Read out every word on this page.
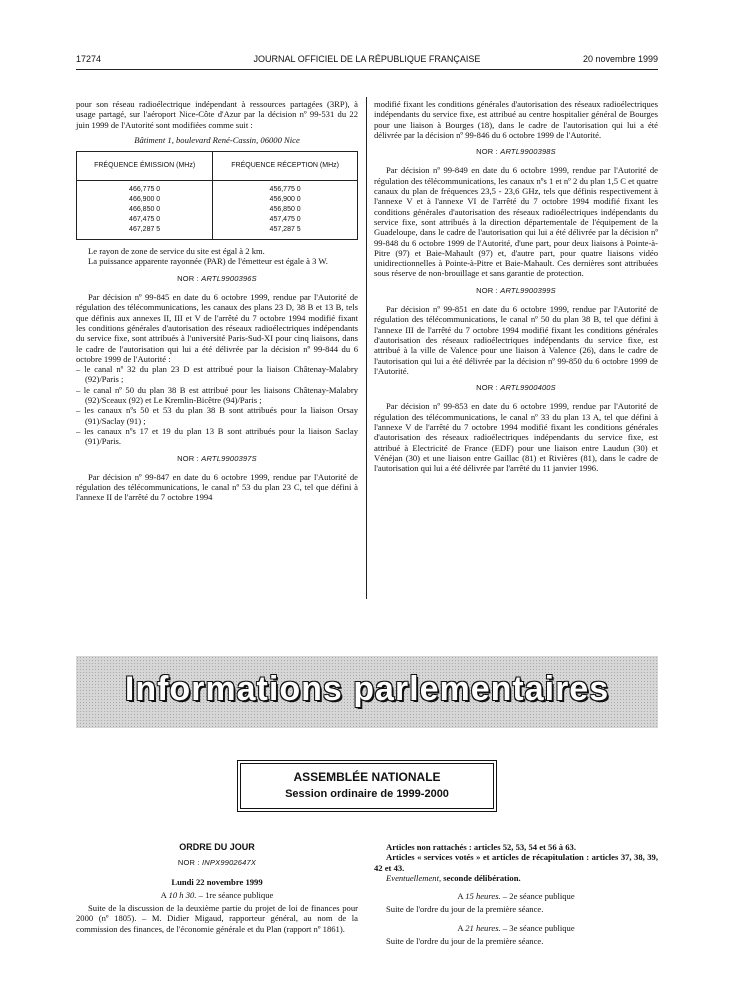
17274	JOURNAL OFFICIEL DE LA RÉPUBLIQUE FRANÇAISE	20 novembre 1999

pour son réseau radioélectrique indépendant à ressources partagées (3RP), à usage partagé, sur l'aéroport Nice-Côte d'Azur par la décision nº 99-531 du 22 juin 1999 de l'Autorité sont modifiées comme suit :

Bâtiment 1, boulevard René-Cassin, 06000 Nice

FRÉQUENCE ÉMISSION (MHz)	FRÉQUENCE RÉCEPTION (MHz)
466,775 0	456,775 0
466,900 0	456,900 0
466,850 0	456,850 0
467,475 0	457,475 0
467,287 5	457,287 5

Le rayon de zone de service du site est égal à 2 km.

La puissance apparente rayonnée (PAR) de l'émetteur est égale à 3 W.

NOR : ARTL9900396S

Par décision nº 99-845 en date du 6 octobre 1999, rendue par l'Autorité de régulation des télécommunications, les canaux des plans 23 D, 38 B et 13 B, tels que définis aux annexes II, III et V de l'arrêté du 7 octobre 1994 modifié fixant les conditions générales d'autorisation des réseaux radioélectriques indépendants du service fixe, sont attribués à l'université Paris-Sud-XI pour cinq liaisons, dans le cadre de l'autorisation qui lui a été délivrée par la décision nº 99-844 du 6 octobre 1999 de l'Autorité :

– le canal nº 32 du plan 23 D est attribué pour la liaison Châtenay-Malabry (92)/Paris ;
– le canal nº 50 du plan 38 B est attribué pour les liaisons Châtenay-Malabry (92)/Sceaux (92) et Le Kremlin-Bicêtre (94)/Paris ;
– les canaux nºs 50 et 53 du plan 38 B sont attribués pour la liaison Orsay (91)/Saclay (91) ;
– les canaux nºs 17 et 19 du plan 13 B sont attribués pour la liaison Saclay (91)/Paris.

NOR : ARTL9900397S

Par décision nº 99-847 en date du 6 octobre 1999, rendue par l'Autorité de régulation des télécommunications, le canal nº 53 du plan 23 C, tel que défini à l'annexe II de l'arrêté du 7 octobre 1994

modifié fixant les conditions générales d'autorisation des réseaux radioélectriques indépendants du service fixe, est attribué au centre hospitalier général de Bourges pour une liaison à Bourges (18), dans le cadre de l'autorisation qui lui a été délivrée par la décision nº 99-846 du 6 octobre 1999 de l'Autorité.

NOR : ARTL9900398S

Par décision nº 99-849 en date du 6 octobre 1999, rendue par l'Autorité de régulation des télécommunications, les canaux nºs 1 et nº 2 du plan 1,5 C et quatre canaux du plan de fréquences 23,5 - 23,6 GHz, tels que définis respectivement à l'annexe V et à l'annexe VI de l'arrêté du 7 octobre 1994 modifié fixant les conditions générales d'autorisation des réseaux radioélectriques indépendants du service fixe, sont attribués à la direction départementale de l'équipement de la Guadeloupe, dans le cadre de l'autorisation qui lui a été délivrée par la décision nº 99-848 du 6 octobre 1999 de l'Autorité, d'une part, pour deux liaisons à Pointe-à-Pitre (97) et Baie-Mahault (97) et, d'autre part, pour quatre liaisons vidéo unidirectionnelles à Pointe-à-Pitre et Baie-Mahault. Ces dernières sont attribuées sous réserve de non-brouillage et sans garantie de protection.

NOR : ARTL9900399S

Par décision nº 99-851 en date du 6 octobre 1999, rendue par l'Autorité de régulation des télécommunications, le canal nº 50 du plan 38 B, tel que défini à l'annexe III de l'arrêté du 7 octobre 1994 modifié fixant les conditions générales d'autorisation des réseaux radioélectriques indépendants du service fixe, est attribué à la ville de Valence pour une liaison à Valence (26), dans le cadre de l'autorisation qui lui a été délivrée par la décision nº 99-850 du 6 octobre 1999 de l'Autorité.

NOR : ARTL9900400S

Par décision nº 99-853 en date du 6 octobre 1999, rendue par l'Autorité de régulation des télécommunications, le canal nº 33 du plan 13 A, tel que défini à l'annexe V de l'arrêté du 7 octobre 1994 modifié fixant les conditions générales d'autorisation des réseaux radioélectriques indépendants du service fixe, est attribué à Electricité de France (EDF) pour une liaison entre Laudun (30) et Vénéjan (30) et une liaison entre Gaillac (81) et Rivières (81), dans le cadre de l'autorisation qui lui a été délivrée par l'arrêté du 11 janvier 1996.

Informations parlementaires
ASSEMBLÉE NATIONALE
Session ordinaire de 1999-2000

ORDRE DU JOUR

NOR : INPX9902647X

Lundi 22 novembre 1999

A 10 h 30. – 1re séance publique

Suite de la discussion de la deuxième partie du projet de loi de finances pour 2000 (nº 1805). – M. Didier Migaud, rapporteur général, au nom de la commission des finances, de l'économie générale et du Plan (rapport nº 1861).

Articles non rattachés : articles 52, 53, 54 et 56 à 63.

Articles « services votés » et articles de récapitulation : articles 37, 38, 39, 42 et 43.

Eventuellement, seconde délibération.

A 15 heures. – 2e séance publique

Suite de l'ordre du jour de la première séance.

A 21 heures. – 3e séance publique

Suite de l'ordre du jour de la première séance.
